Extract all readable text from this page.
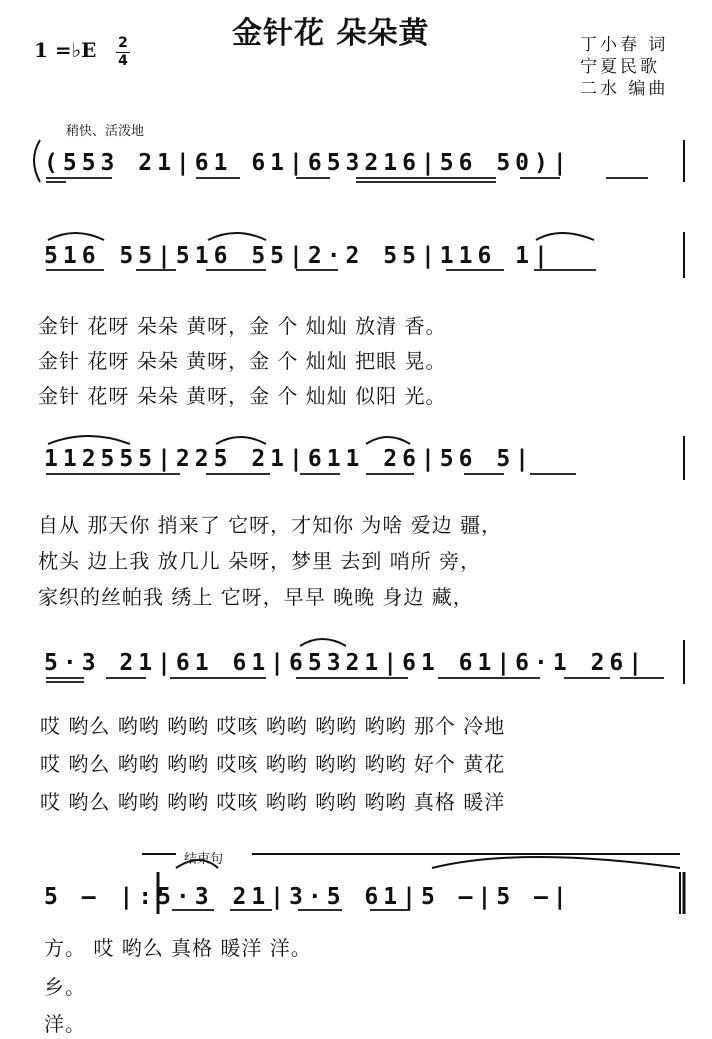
金针花 朵朵黄
1 =♭E 2
4
丁小春 词
宁夏民歌
二水 编曲
稍快、活泼地
(553 21|61 61|653216|56 50)|
516 55|516 55|2·2 55|116 1|
金针 花呀 朵朵 黄呀，金 个 灿灿 放清 香。
金针 花呀 朵朵 黄呀，金 个 灿灿 把眼 晃。
金针 花呀 朵朵 黄呀，金 个 灿灿 似阳 光。
112555|225 21|611 26|56 5|
自从 那天你 捎来了 它呀，才知你 为啥 爱边 疆，
枕头 边上我 放几儿 朵呀，梦里 去到 哨所 旁，
家织的丝帕我 绣上 它呀，早早 晚晚 身边 藏，
5·3 21|61 61|65321|61 61|6·1 26|
哎 哟么 哟哟 哟哟 哎咳 哟哟 哟哟 哟哟 那个 冷地
哎 哟么 哟哟 哟哟 哎咳 哟哟 哟哟 哟哟 好个 黄花
哎 哟么 哟哟 哟哟 哎咳 哟哟 哟哟 哟哟 真格 暖洋
结束句
5 — |:5·3 21|3·5 61|5 —|5 —|
方。 哎 哟么 真格 暖洋 洋。
乡。
洋。
